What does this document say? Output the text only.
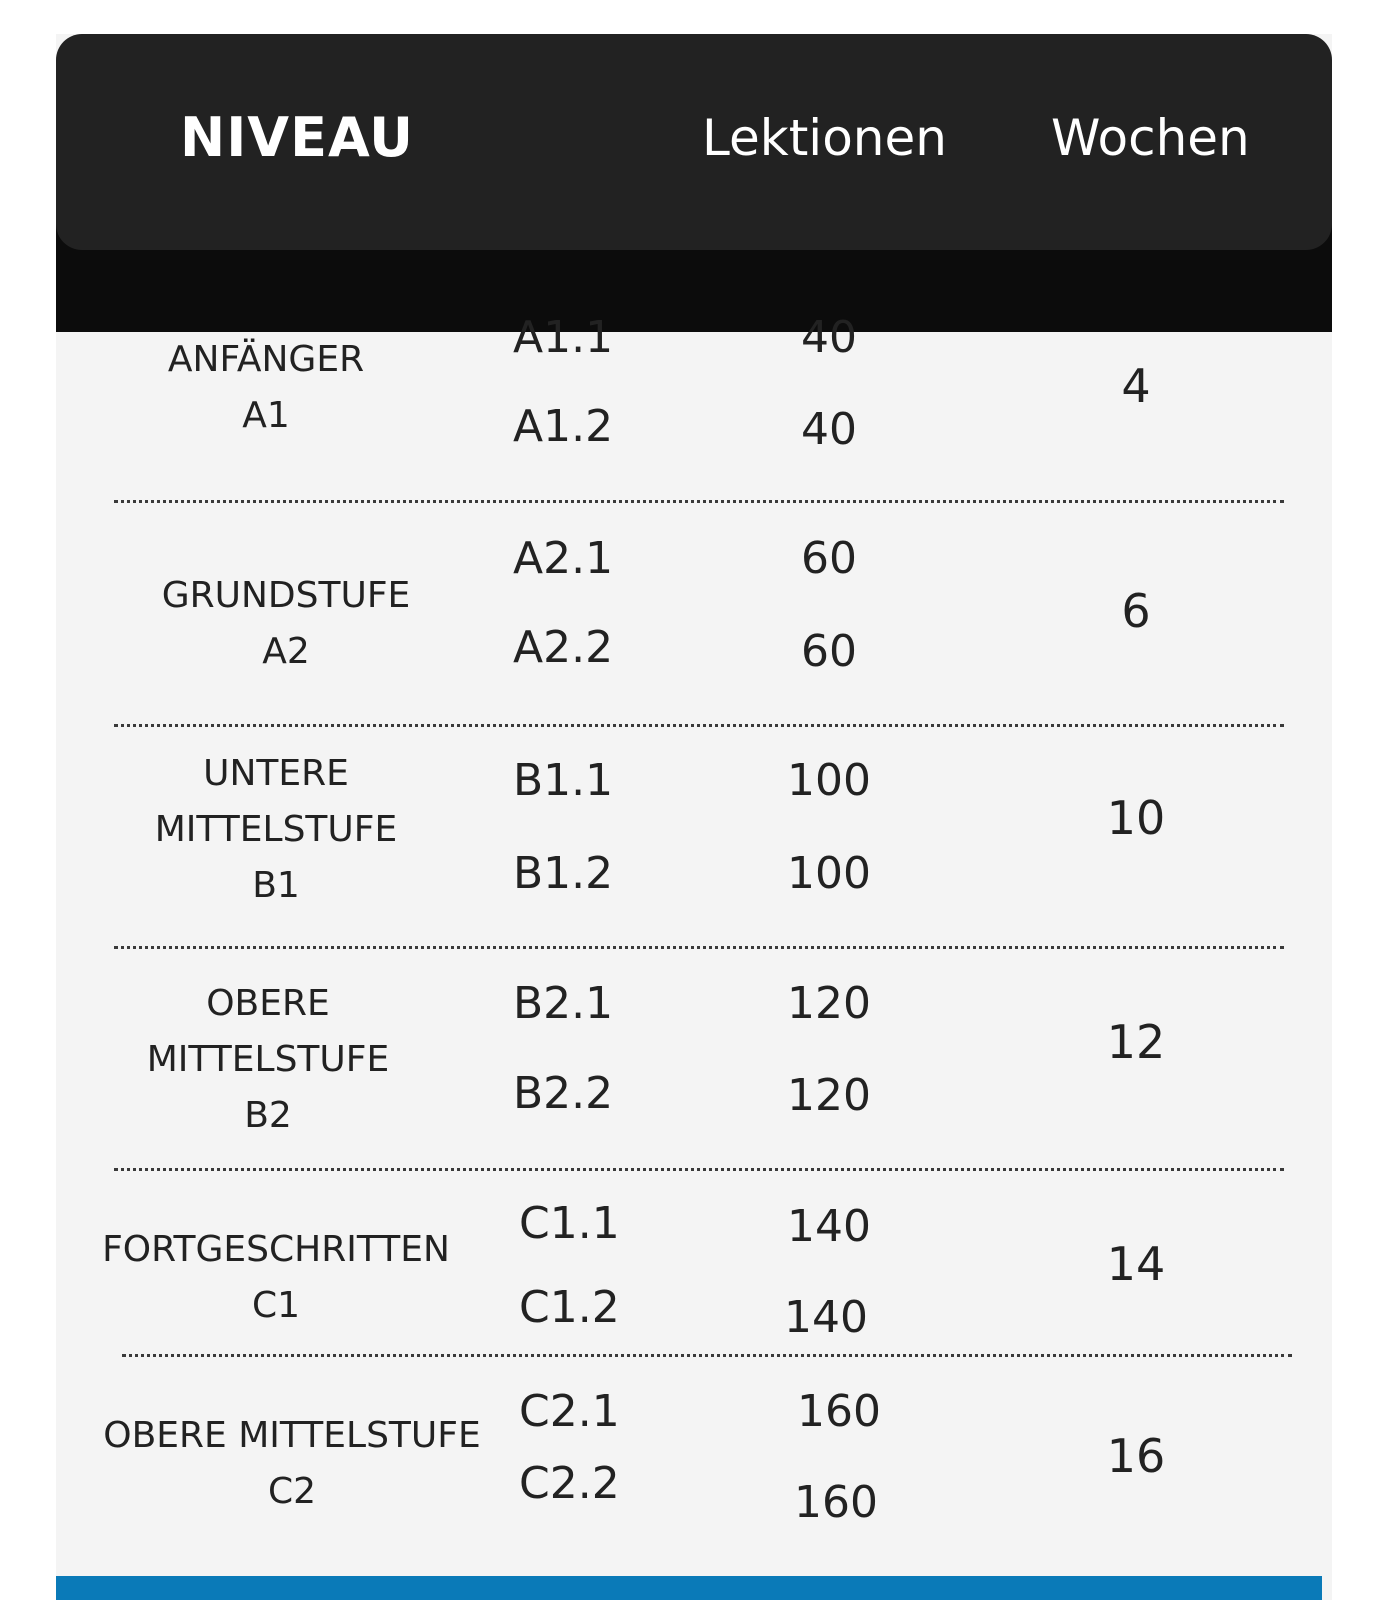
NIVEAU	Lektionen Wochen
ANFÄNGER
A1
A1.1
A1.2
40
40
4
GRUNDSTUFE
A2
A2.1
A2.2
60
60
6
UNTERE
MITTELSTUFE
B1
B1.1
B1.2
100
100
10
OBERE
MITTELSTUFE
B2
B2.1
B2.2
120
120
12
FORTGESCHRITTEN
C1
C1.1
C1.2
140
140
14
OBERE MITTELSTUFE
C2
C2.1
C2.2
160
160
16
